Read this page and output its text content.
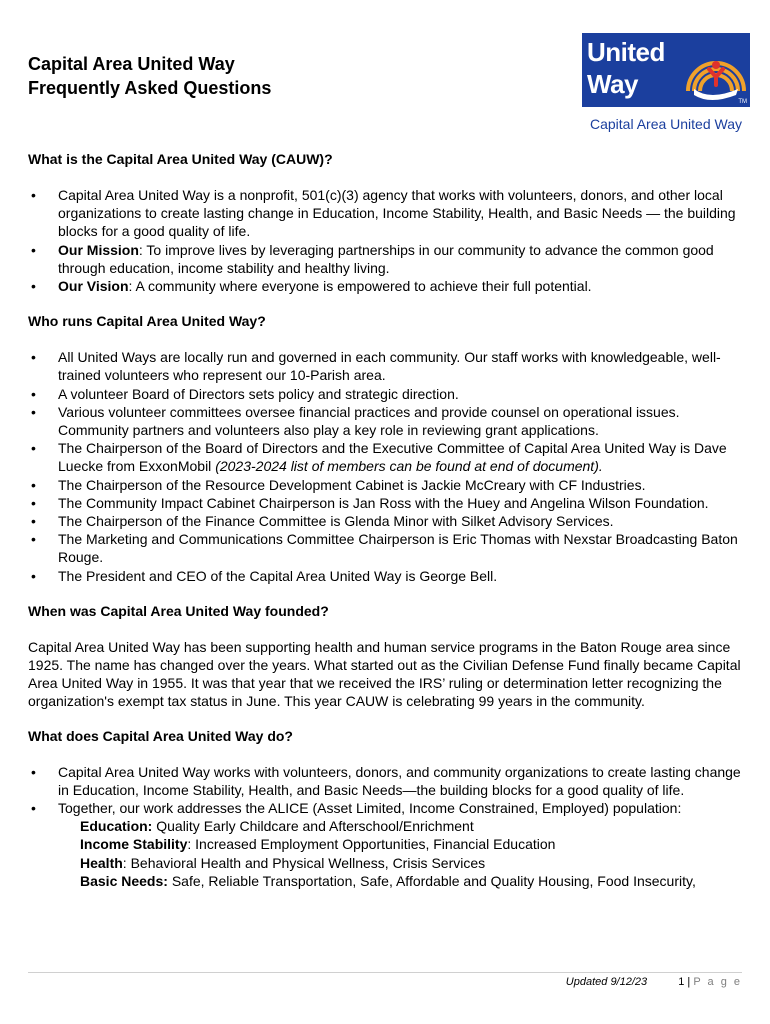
Capital Area United Way
Frequently Asked Questions
United
Way
TM
Capital Area United Way
What is the Capital Area United Way (CAUW)?
• Capital Area United Way is a nonprofit, 501(c)(3) agency that works with volunteers, donors, and other local organizations to create lasting change in Education, Income Stability, Health, and Basic Needs — the building blocks for a good quality of life.
• Our Mission: To improve lives by leveraging partnerships in our community to advance the common good through education, income stability and healthy living.
• Our Vision: A community where everyone is empowered to achieve their full potential.
Who runs Capital Area United Way?
• All United Ways are locally run and governed in each community. Our staff works with knowledgeable, well-trained volunteers who represent our 10-Parish area.
• A volunteer Board of Directors sets policy and strategic direction.
• Various volunteer committees oversee financial practices and provide counsel on operational issues. Community partners and volunteers also play a key role in reviewing grant applications.
• The Chairperson of the Board of Directors and the Executive Committee of Capital Area United Way is Dave Luecke from ExxonMobil (2023-2024 list of members can be found at end of document).
• The Chairperson of the Resource Development Cabinet is Jackie McCreary with CF Industries.
• The Community Impact Cabinet Chairperson is Jan Ross with the Huey and Angelina Wilson Foundation.
• The Chairperson of the Finance Committee is Glenda Minor with Silket Advisory Services.
• The Marketing and Communications Committee Chairperson is Eric Thomas with Nexstar Broadcasting Baton Rouge.
• The President and CEO of the Capital Area United Way is George Bell.
When was Capital Area United Way founded?
Capital Area United Way has been supporting health and human service programs in the Baton Rouge area since 1925. The name has changed over the years. What started out as the Civilian Defense Fund finally became Capital Area United Way in 1955. It was that year that we received the IRS’ ruling or determination letter recognizing the organization's exempt tax status in June. This year CAUW is celebrating 99 years in the community.
What does Capital Area United Way do?
• Capital Area United Way works with volunteers, donors, and community organizations to create lasting change in Education, Income Stability, Health, and Basic Needs—the building blocks for a good quality of life.
• Together, our work addresses the ALICE (Asset Limited, Income Constrained, Employed) population:
Education: Quality Early Childcare and Afterschool/Enrichment
Income Stability: Increased Employment Opportunities, Financial Education
Health: Behavioral Health and Physical Wellness, Crisis Services
Basic Needs: Safe, Reliable Transportation, Safe, Affordable and Quality Housing, Food Insecurity,
Updated 9/12/23	1 | P a g e
